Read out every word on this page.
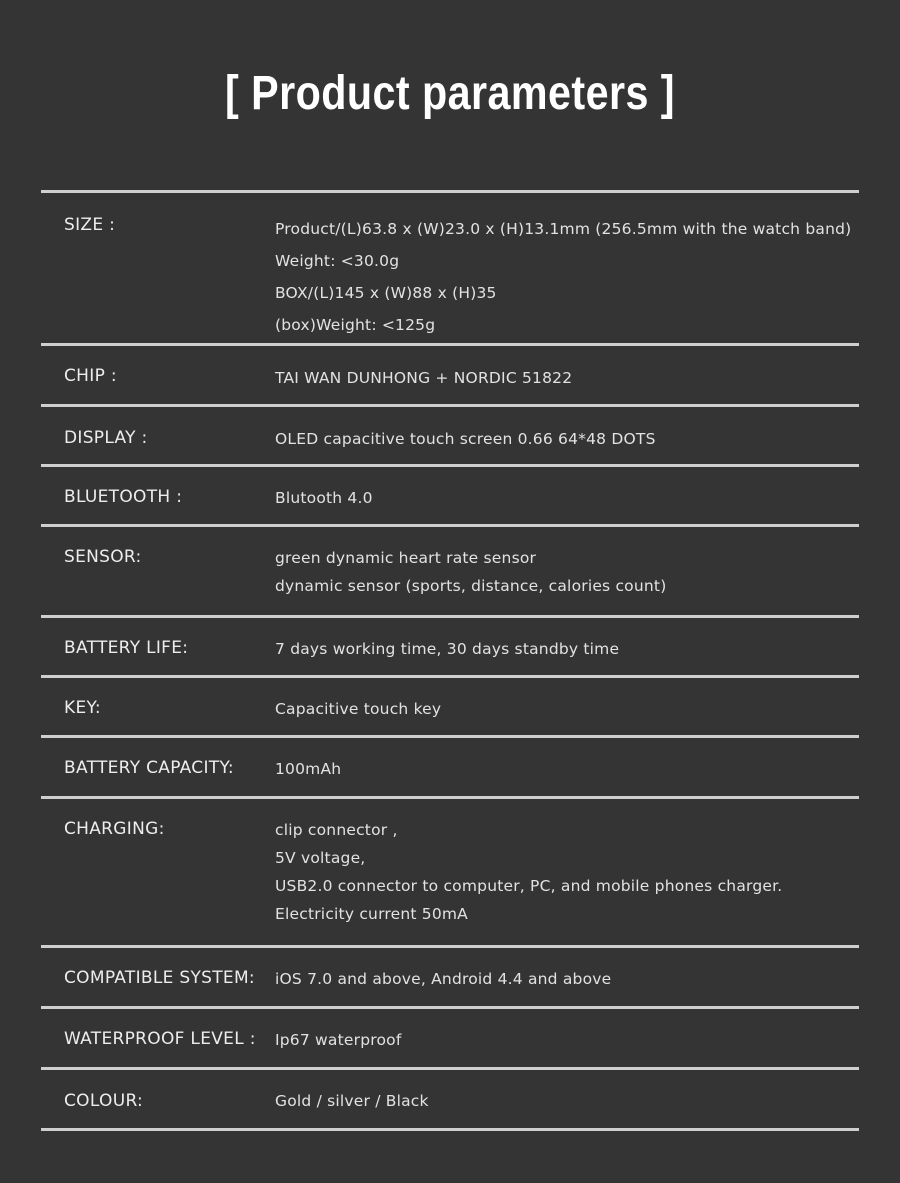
[ Product parameters ]
SIZE :	Product/(L)63.8 x (W)23.0 x (H)13.1mm (256.5mm with the watch band)
Weight: <30.0g
BOX/(L)145 x (W)88 x (H)35
(box)Weight: <125g
CHIP :	TAI WAN DUNHONG + NORDIC 51822
DISPLAY :	OLED capacitive touch screen 0.66 64*48 DOTS
BLUETOOTH :	Blutooth 4.0
SENSOR:	green dynamic heart rate sensor
dynamic sensor (sports, distance, calories count)
BATTERY LIFE:	7 days working time, 30 days standby time
KEY:	Capacitive touch key
BATTERY CAPACITY:	100mAh
CHARGING:	clip connector ,
5V voltage,
USB2.0 connector to computer, PC, and mobile phones charger.
Electricity current 50mA
COMPATIBLE SYSTEM: iOS 7.0 and above, Android 4.4 and above
WATERPROOF LEVEL : Ip67 waterproof
COLOUR:	Gold / silver / Black
